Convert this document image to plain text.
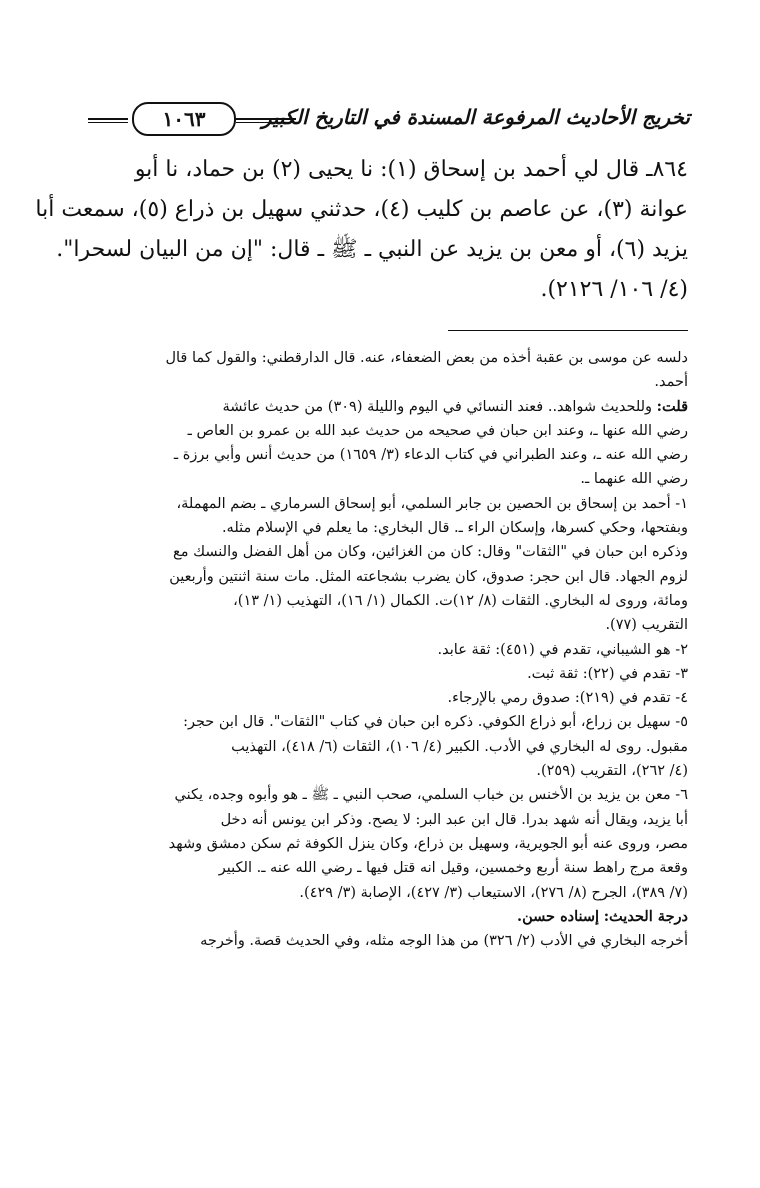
١٠٦٣	تخريج الأحاديث المرفوعة المسندة في التاريخ الكبير
٨٦٤ـ قال لي أحمد بن إسحاق (١): نا يحيى (٢) بن حماد، نا أبو
عوانة (٣)، عن عاصم بن كليب (٤)، حدثني سهيل بن ذراع (٥)، سمعت أبا
يزيد (٦)، أو معن بن يزيد عن النبي ـ ﷺ ـ قال: "إن من البيان لسحرا".
(٤/ ١٠٦/ ٢١٢٦).
دلسه عن موسى بن عقبة أخذه من بعض الضعفاء، عنه. قال الدارقطني: والقول كما قال
أحمد.
قلت: وللحديث شواهد.. فعند النسائي في اليوم والليلة (٣٠٩) من حديث عائشة
رضي الله عنها ـ، وعند ابن حبان في صحيحه من حديث عبد الله بن عمرو بن العاص ـ
رضي الله عنه ـ، وعند الطبراني في كتاب الدعاء (٣/ ١٦٥٩) من حديث أنس وأبي برزة ـ
رضي الله عنهما ـ.
١- أحمد بن إسحاق بن الحصين بن جابر السلمي، أبو إسحاق السرماري ـ بضم المهملة،
وبفتحها، وحكي كسرها، وإسكان الراء ـ. قال البخاري: ما يعلم في الإسلام مثله.
وذكره ابن حبان في "الثقات" وقال: كان من الغزائين، وكان من أهل الفضل والنسك مع
لزوم الجهاد. قال ابن حجر: صدوق، كان يضرب بشجاعته المثل. مات سنة اثنتين وأربعين
ومائة، وروى له البخاري. الثقات (٨/ ١٢)ت. الكمال (١/ ١٦)، التهذيب (١/ ١٣)،
التقريب (٧٧).
٢- هو الشيباني، تقدم في (٤٥١): ثقة عابد.
٣- تقدم في (٢٢): ثقة ثبت.
٤- تقدم في (٢١٩): صدوق رمي بالإرجاء.
٥- سهيل بن زراع، أبو ذراع الكوفي. ذكره ابن حبان في كتاب "الثقات". قال ابن حجر:
مقبول. روى له البخاري في الأدب. الكبير (٤/ ١٠٦)، الثقات (٦/ ٤١٨)، التهذيب
(٤/ ٢٦٢)، التقريب (٢٥٩).
٦- معن بن يزيد بن الأخنس بن خباب السلمي، صحب النبي ـ ﷺ ـ هو وأبوه وجده، يكني
أبا يزيد، ويقال أنه شهد بدرا. قال ابن عبد البر: لا يصح. وذكر ابن يونس أنه دخل
مصر، وروى عنه أبو الجويرية، وسهيل بن ذراع، وكان ينزل الكوفة ثم سكن دمشق وشهد
وقعة مرج راهط سنة أربع وخمسين، وقيل انه قتل فيها ـ رضي الله عنه ـ. الكبير
(٧/ ٣٨٩)، الجرح (٨/ ٢٧٦)، الاستيعاب (٣/ ٤٢٧)، الإصابة (٣/ ٤٢٩).
درجة الحديث: إسناده حسن.
أخرجه البخاري في الأدب (٢/ ٣٢٦) من هذا الوجه مثله، وفي الحديث قصة. وأخرجه
